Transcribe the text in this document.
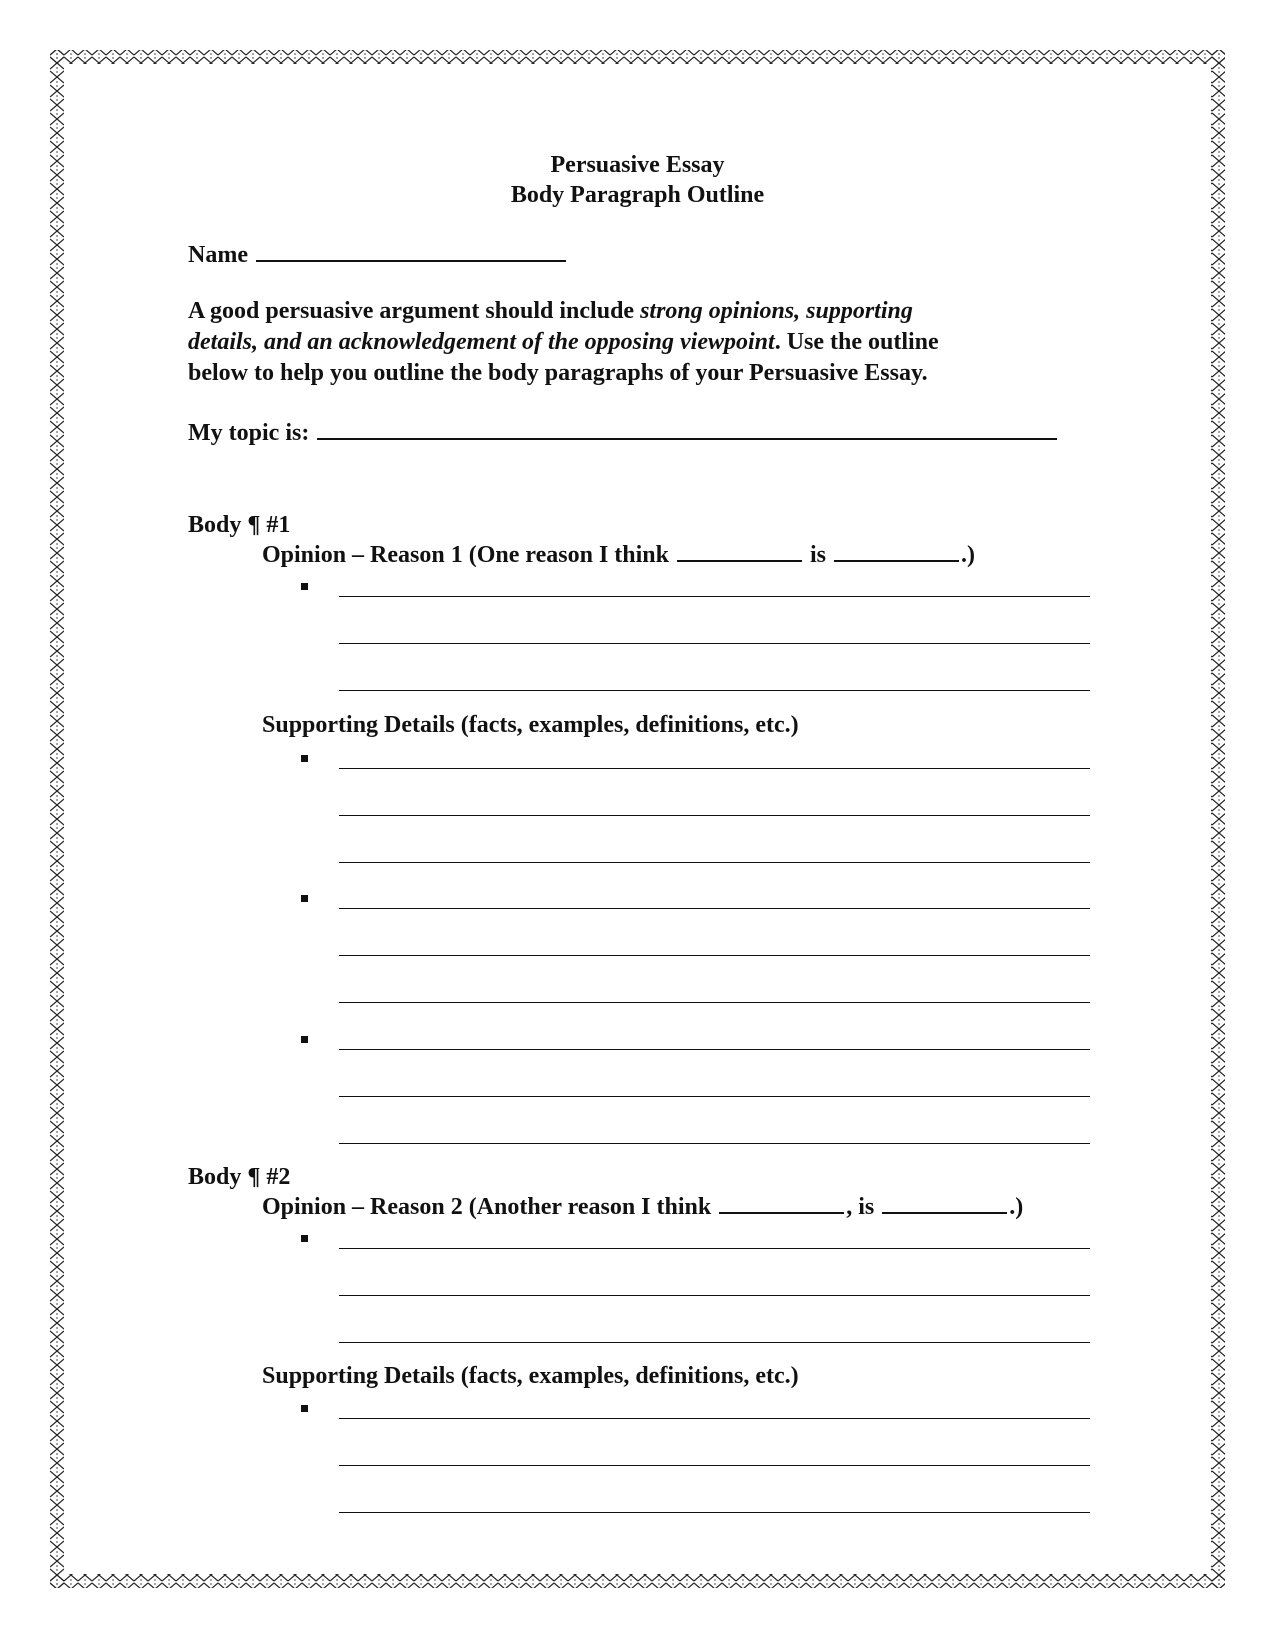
Persuasive Essay
Body Paragraph Outline
Name
A good persuasive argument should include strong opinions, supporting
details, and an acknowledgement of the opposing viewpoint. Use the outline
below to help you outline the body paragraphs of your Persuasive Essay.
My topic is:
Body ¶ #1
Opinion – Reason 1 (One reason I think	is	.)
Supporting Details (facts, examples, definitions, etc.)
Body ¶ #2
Opinion – Reason 2 (Another reason I think	, is	.)
Supporting Details (facts, examples, definitions, etc.)
